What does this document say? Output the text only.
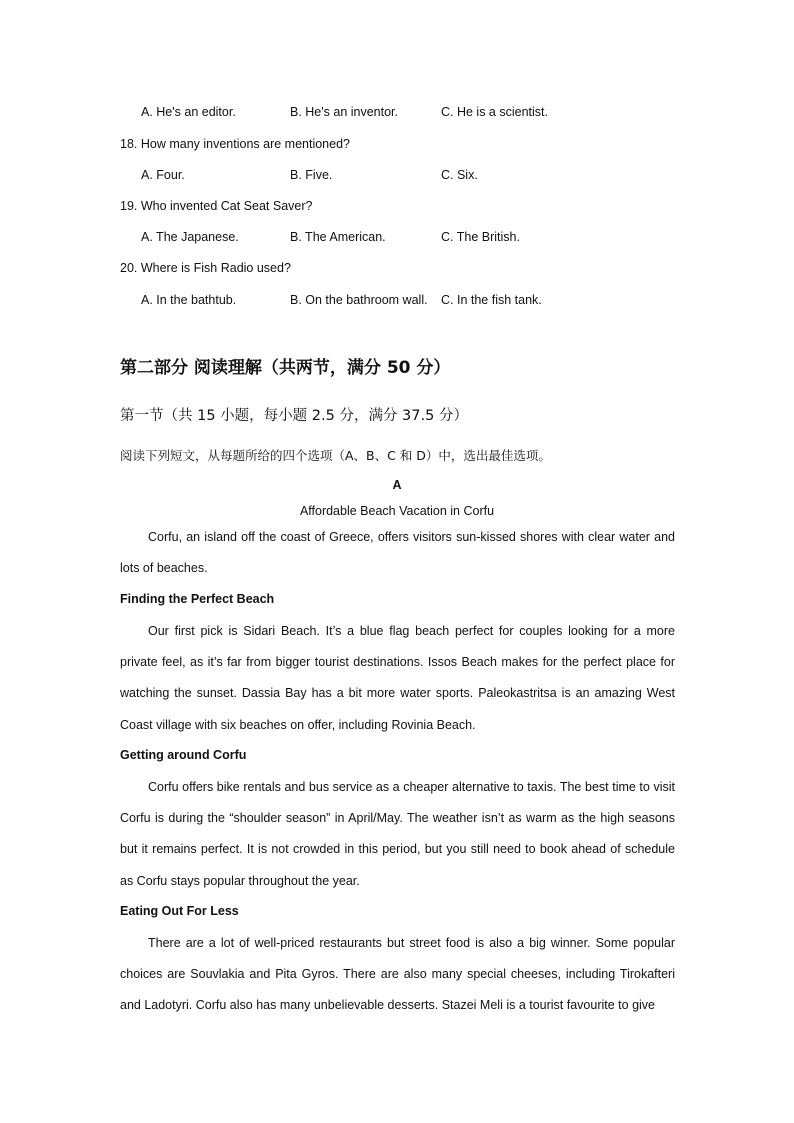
A. He's an editor.	B. He's an inventor.	C. He is a scientist.
18. How many inventions are mentioned?
A. Four.	B. Five.	C. Six.
19. Who invented Cat Seat Saver?
A. The Japanese.	B. The American.	C. The British.
20. Where is Fish Radio used?
A. In the bathtub.	B. On the bathroom wall. C. In the fish tank.
第二部分 阅读理解（共两节，满分 50 分）
第一节（共 15 小题，每小题 2.5 分，满分 37.5 分）
阅读下列短文，从每题所给的四个选项（A、B、C 和 D）中，选出最佳选项。
A
Affordable Beach Vacation in Corfu
Corfu, an island off the coast of Greece, offers visitors sun-kissed shores with clear water and lots of beaches.
Finding the Perfect Beach
Our first pick is Sidari Beach. It’s a blue flag beach perfect for couples looking for a more private feel, as it’s far from bigger tourist destinations. Issos Beach makes for the perfect place for watching the sunset. Dassia Bay has a bit more water sports. Paleokastritsa is an amazing West Coast village with six beaches on offer, including Rovinia Beach.
Getting around Corfu
Corfu offers bike rentals and bus service as a cheaper alternative to taxis. The best time to visit Corfu is during the “shoulder season” in April/May. The weather isn’t as warm as the high seasons but it remains perfect. It is not crowded in this period, but you still need to book ahead of schedule as Corfu stays popular throughout the year.
Eating Out For Less
There are a lot of well-priced restaurants but street food is also a big winner. Some popular choices are Souvlakia and Pita Gyros. There are also many special cheeses, including Tirokafteri and Ladotyri. Corfu also has many unbelievable desserts. Stazei Meli is a tourist favourite to give
